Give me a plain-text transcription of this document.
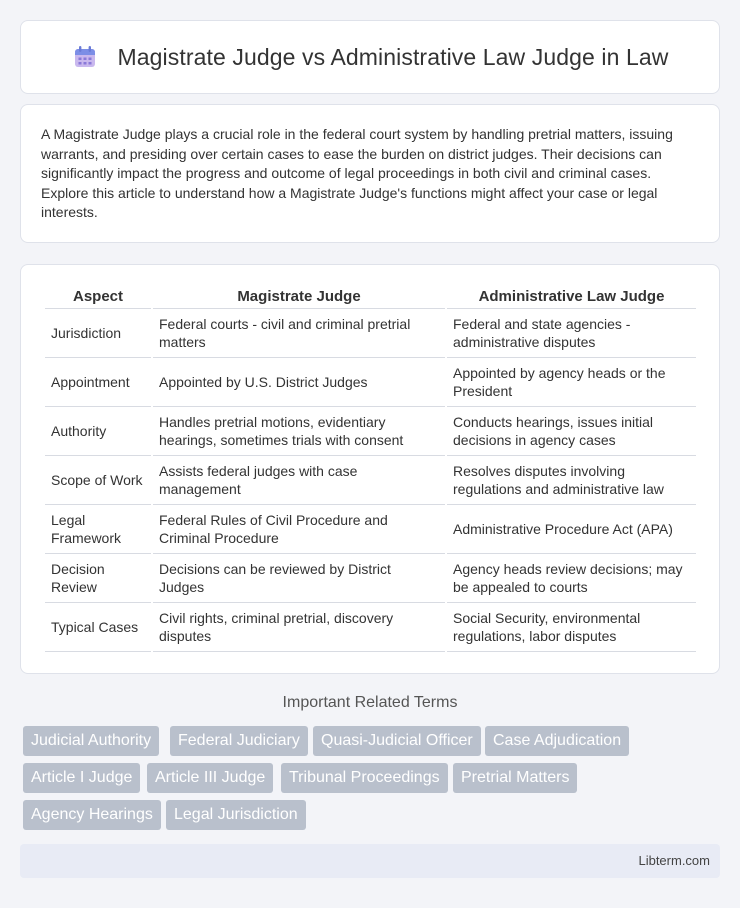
Magistrate Judge vs Administrative Law Judge in Law

A Magistrate Judge plays a crucial role in the federal court system by handling pretrial matters, issuing warrants, and presiding over certain cases to ease the burden on district judges. Their decisions can significantly impact the progress and outcome of legal proceedings in both civil and criminal cases. Explore this article to understand how a Magistrate Judge's functions might affect your case or legal interests.

Aspect	Magistrate Judge	Administrative Law Judge
Jurisdiction	Federal courts - civil and criminal pretrial matters	Federal and state agencies - administrative disputes
Appointment	Appointed by U.S. District Judges	Appointed by agency heads or the President
Authority	Handles pretrial motions, evidentiary hearings, sometimes trials with consent	Conducts hearings, issues initial decisions in agency cases
Scope of Work	Assists federal judges with case management	Resolves disputes involving regulations and administrative law
Legal Framework	Federal Rules of Civil Procedure and Criminal Procedure	Administrative Procedure Act (APA)
Decision Review	Decisions can be reviewed by District Judges	Agency heads review decisions; may be appealed to courts
Typical Cases	Civil rights, criminal pretrial, discovery disputes	Social Security, environmental regulations, labor disputes
Important Related Terms
Judicial Authority	Federal Judiciary	Quasi-Judicial Officer	Case Adjudication
Article I Judge	Article III Judge	Tribunal Proceedings	Pretrial Matters
Agency Hearings	Legal Jurisdiction
Libterm.com
